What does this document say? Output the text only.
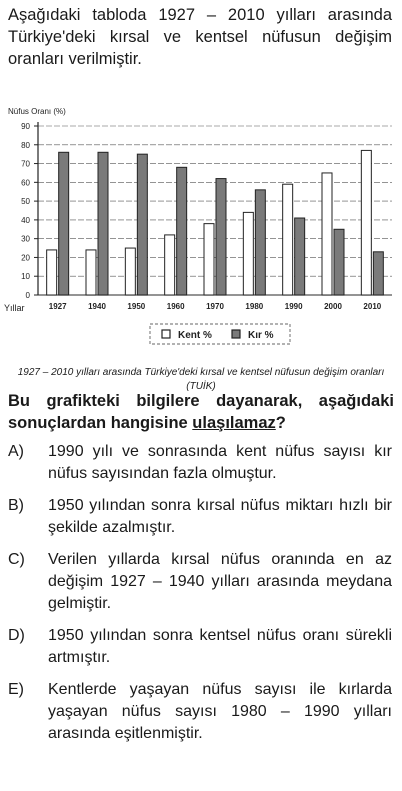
Aşağıdaki tabloda 1927 – 2010 yılları arasında Türkiye'deki kırsal ve kentsel nüfusun değişim oranları verilmiştir.
Nüfus Oranı (%)
0
10
20
30
40
50
60
70
80
90
1927	1940	1950	1960	1970	1980	1990	2000	2010
Yıllar
Kent %	Kır %
1927 – 2010 yılları arasında Türkiye'deki kırsal ve kentsel nüfusun değişim oranları
(TUİK)
Bu grafikteki bilgilere dayanarak, aşağıdaki sonuçlardan hangisine ulaşılamaz?
A)	1990 yılı ve sonrasında kent nüfus sayısı kır nüfus sayısından fazla olmuştur.
B)	1950 yılından sonra kırsal nüfus miktarı hızlı bir şekilde azalmıştır.
C)	Verilen yıllarda kırsal nüfus oranında en az değişim 1927 – 1940 yılları arasında meydana gelmiştir.
D)	1950 yılından sonra kentsel nüfus oranı sürekli artmıştır.
E)	Kentlerde yaşayan nüfus sayısı ile kırlarda yaşayan nüfus sayısı 1980 – 1990 yılları arasında eşitlenmiştir.
